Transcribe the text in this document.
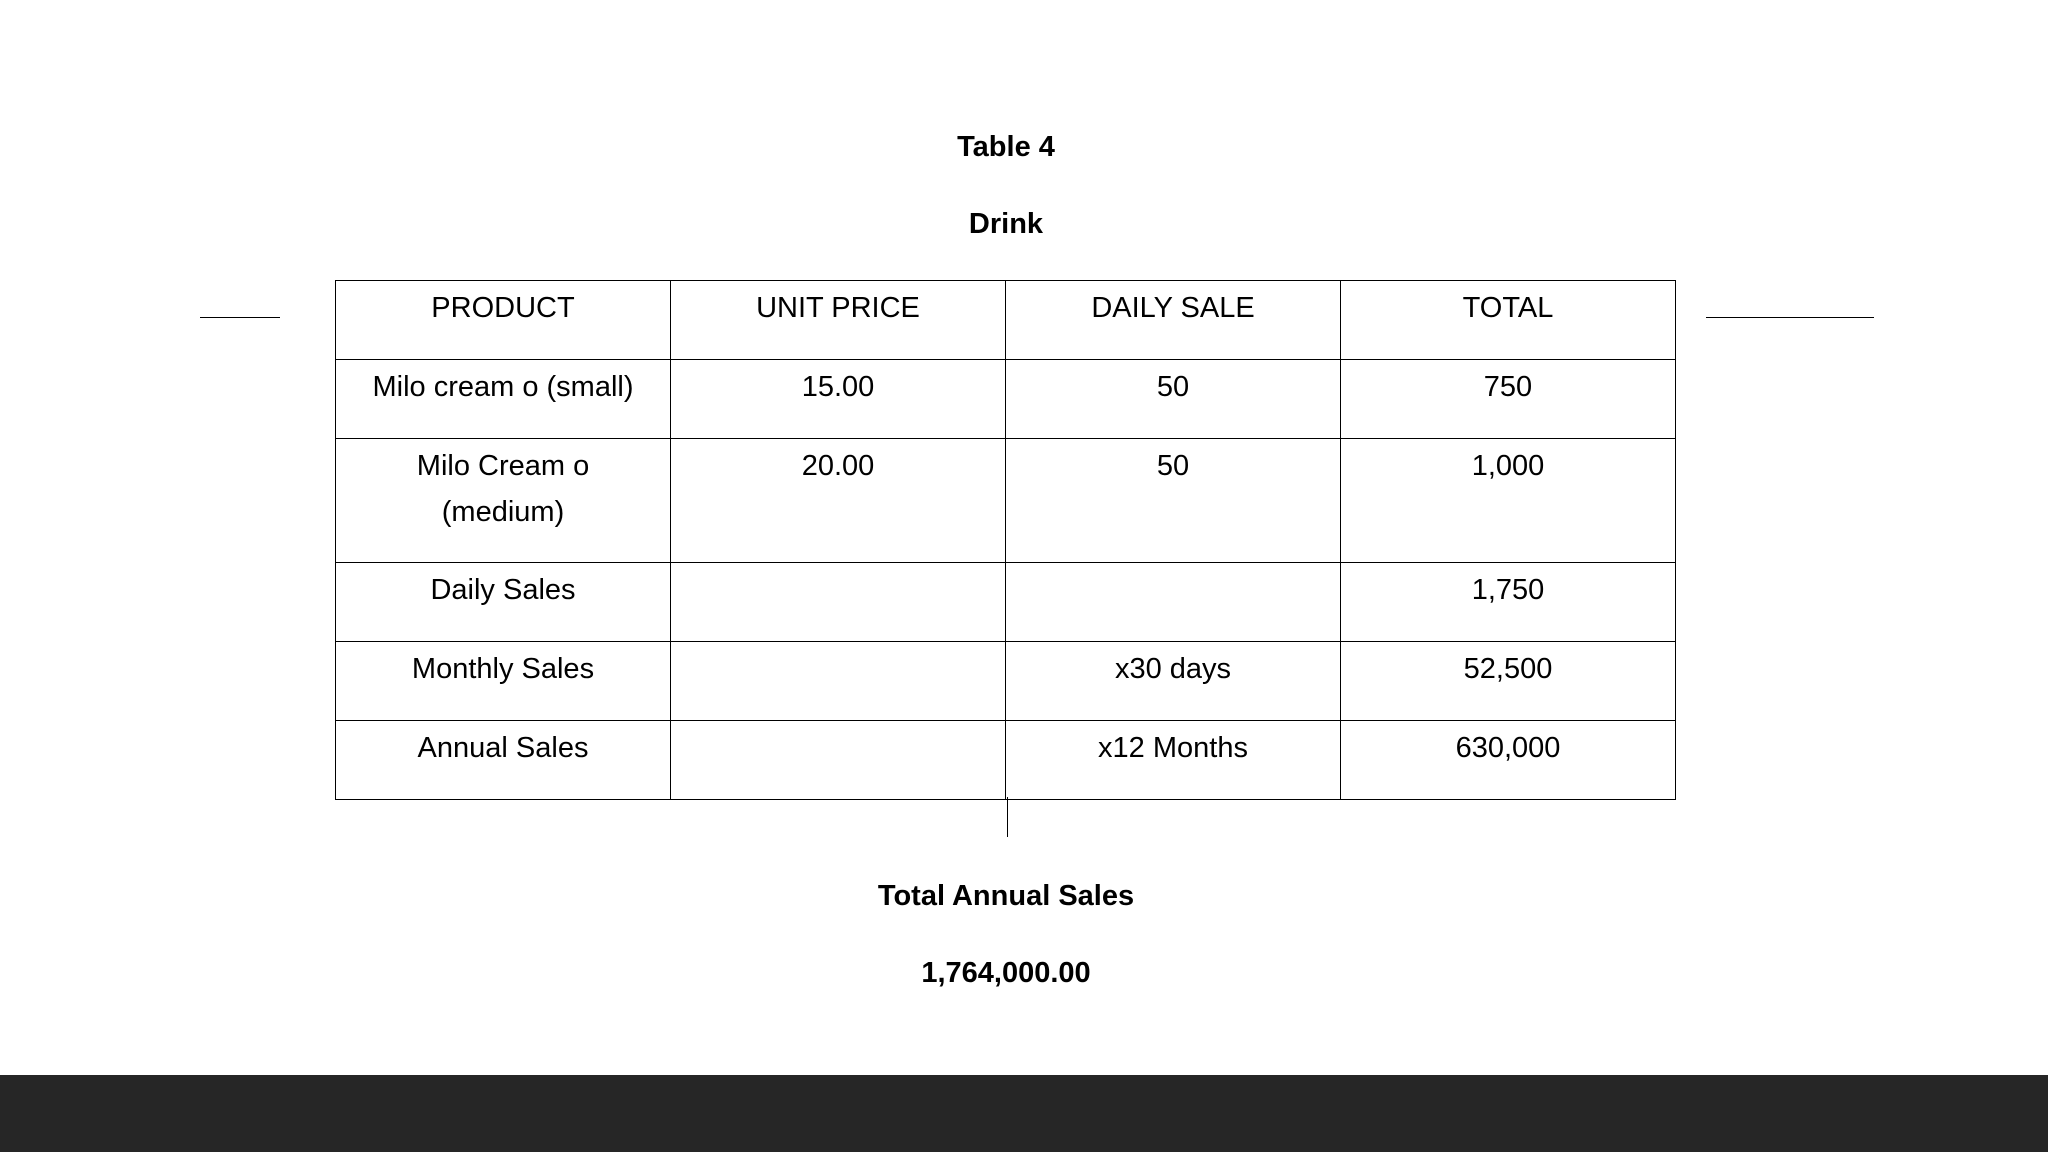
Table 4
Drink
PRODUCT	UNIT PRICE	DAILY SALE	TOTAL
Milo cream o (small)	15.00	50	750
Milo Cream o (medium)	20.00	50	1,000
Daily Sales			1,750
Monthly Sales		x30 days	52,500
Annual Sales		x12 Months	630,000
Total Annual Sales
1,764,000.00
